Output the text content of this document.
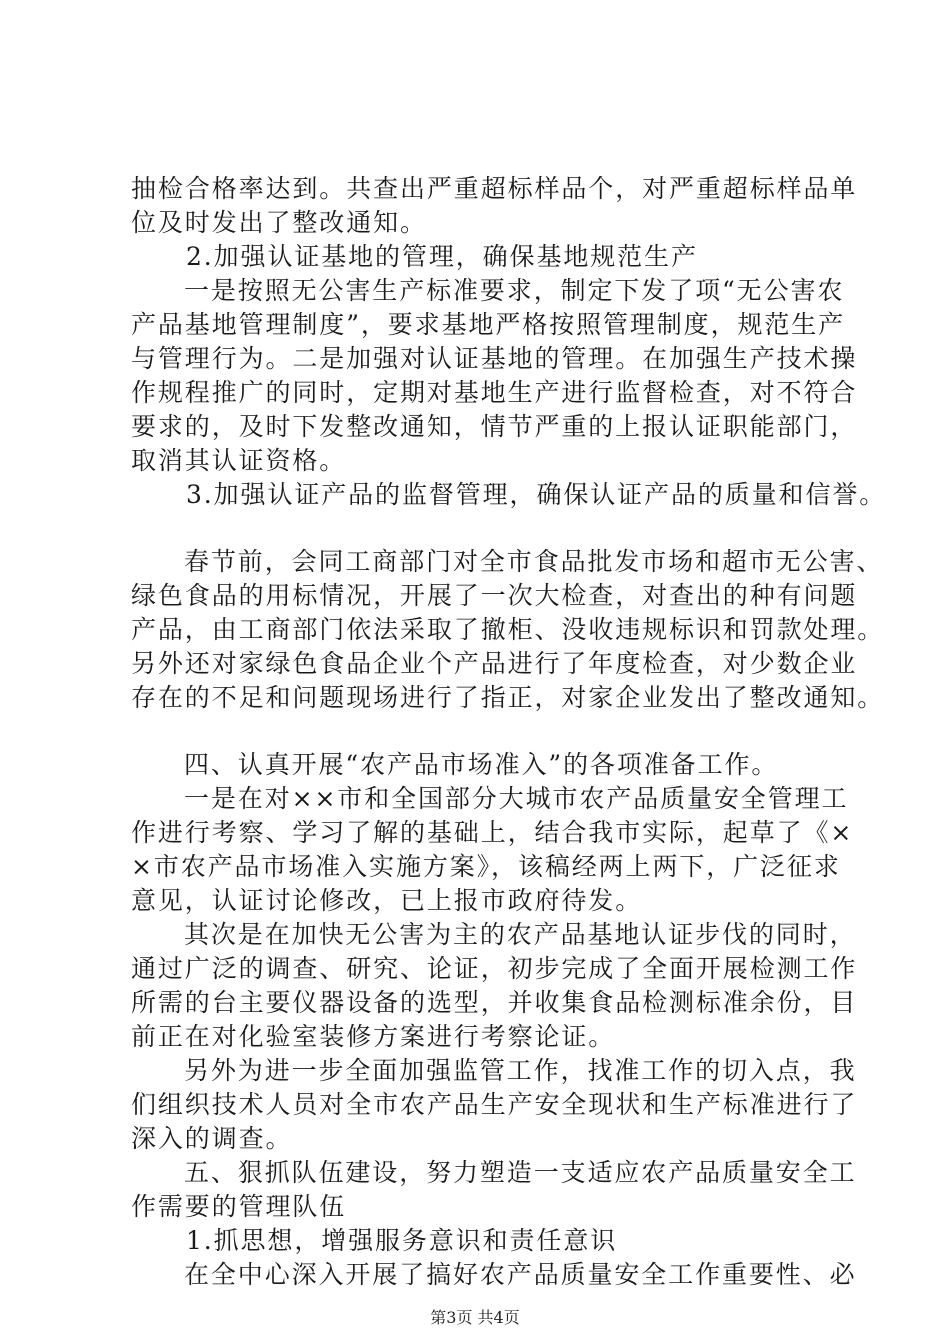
抽检合格率达到。共查出严重超标样品个，对严重超标样品单
位及时发出了整改通知。
2.加强认证基地的管理，确保基地规范生产
一是按照无公害生产标准要求，制定下发了项“无公害农
产品基地管理制度”，要求基地严格按照管理制度，规范生产
与管理行为。二是加强对认证基地的管理。在加强生产技术操
作规程推广的同时，定期对基地生产进行监督检查，对不符合
要求的，及时下发整改通知，情节严重的上报认证职能部门，
取消其认证资格。
3.加强认证产品的监督管理，确保认证产品的质量和信誉。
春节前，会同工商部门对全市食品批发市场和超市无公害、
绿色食品的用标情况，开展了一次大检查，对查出的种有问题
产品，由工商部门依法采取了撤柜、没收违规标识和罚款处理。
另外还对家绿色食品企业个产品进行了年度检查，对少数企业
存在的不足和问题现场进行了指正，对家企业发出了整改通知。
四、认真开展“农产品市场准入”的各项准备工作。
一是在对××市和全国部分大城市农产品质量安全管理工
作进行考察、学习了解的基础上，结合我市实际，起草了《×
×市农产品市场准入实施方案》，该稿经两上两下，广泛征求
意见，认证讨论修改，已上报市政府待发。
其次是在加快无公害为主的农产品基地认证步伐的同时，
通过广泛的调查、研究、论证，初步完成了全面开展检测工作
所需的台主要仪器设备的选型，并收集食品检测标准余份，目
前正在对化验室装修方案进行考察论证。
另外为进一步全面加强监管工作，找准工作的切入点，我
们组织技术人员对全市农产品生产安全现状和生产标准进行了
深入的调查。
五、狠抓队伍建设，努力塑造一支适应农产品质量安全工
作需要的管理队伍
1.抓思想，增强服务意识和责任意识
在全中心深入开展了搞好农产品质量安全工作重要性、必
第3页 共4页
